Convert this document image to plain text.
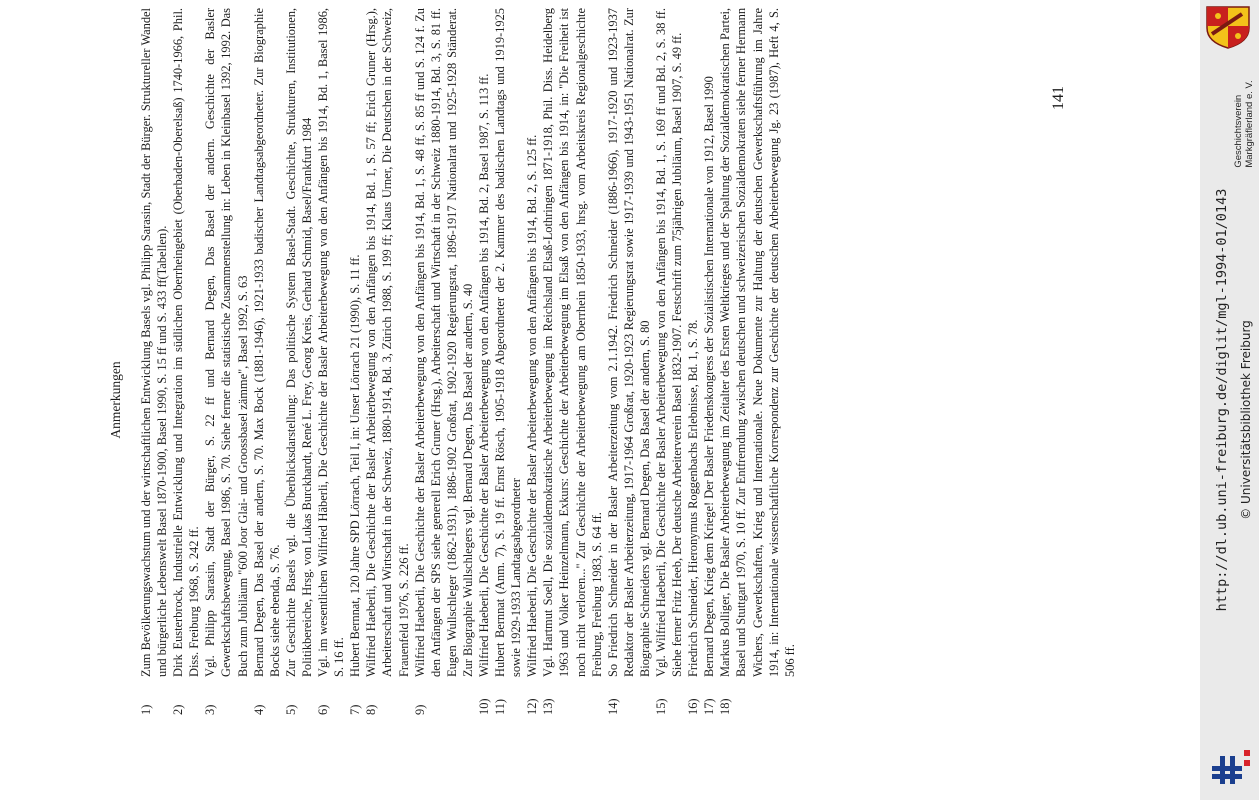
Anmerkungen
1)
Zum Bevölkerungswachstum und der wirtschaftlichen Entwicklung Basels vgl. Philipp Sarasin, Stadt der Bürger. Struktureller Wandel und bürgerliche Lebenswelt Basel 1870-1900, Basel 1990, S. 15 ff und S. 433 ff(Tabellen).
2)
Dirk Eusterbrock, Industrielle Entwicklung und Integration im südlichen Oberrheingebiet (Oberbaden-Oberelsaß) 1740-1966, Phil. Diss. Freiburg 1968, S. 242 ff.
3)
Vgl. Philipp Sarasin, Stadt der Bürger, S. 22 ff und Bernard Degen, Das Basel der andern. Geschichte der Basler Gewerkschaftsbewegung, Basel 1986, S. 70. Siehe ferner die statistische Zusammenstellung in: Leben in Kleinbasel 1392, 1992. Das Buch zum Jubiläum "600 Joor Glai- und Groossbasel zämme", Basel 1992, S. 63
4)
Bernard Degen, Das Basel der andern, S. 70. Max Bock (1881-1946), 1921-1933 badischer Landtagsabgeordneter. Zur Biographie Bocks siehe ebenda, S. 76.
5)
Zur Geschichte Basels vgl. die Überblicksdarstellung: Das politische System Basel-Stadt. Geschichte, Strukturen, Institutionen, Politikbereiche, Hrsg. von Lukas Burckhardt, René L. Frey, Georg Kreis, Gerhard Schmid, Basel/Frankfurt 1984
6)
Vgl. im wesentlichen Wilfried Häberli, Die Geschichte der Basler Arbeiterbewegung von den Anfängen bis 1914, Bd. 1, Basel 1986, S. 16 ff.
7)
Hubert Bernnat, 120 Jahre SPD Lörrach, Teil I, in: Unser Lörrach 21 (1990), S. 11 ff.
8)
Wilfried Haeberli, Die Geschichte der Basler Arbeiterbewegung von den Anfängen bis 1914, Bd. 1, S. 57 ff; Erich Gruner (Hrsg.), Arbeiterschaft und Wirtschaft in der Schweiz, 1880-1914, Bd. 3, Zürich 1988, S. 199 ff; Klaus Urner, Die Deutschen in der Schweiz, Frauenfeld 1976, S. 226 ff.
9)
Wilfried Haeberli, Die Geschichte der Basler Arbeiterbewegung von den Anfängen bis 1914, Bd. 1, S. 48 ff, S. 85 ff und S. 124 f. Zu den Anfängen der SPS siehe generell Erich Gruner (Hrsg.), Arbeiterschaft und Wirtschaft in der Schweiz 1880-1914, Bd. 3, S. 81 ff. Eugen Wullschleger (1862-1931), 1886-1902 Großrat, 1902-1920 Regierungsrat, 1896-1917 Nationalrat und 1925-1928 Ständerat. Zur Biographie Wullschlegers vgl. Bernard Degen, Das Basel der andern, S. 40
10)
Wilfried Haeberli, Die Geschichte der Basler Arbeiterbewegung von den Anfängen bis 1914, Bd. 2, Basel 1987, S. 113 ff.
11)
Hubert Bernnat (Anm. 7), S. 19 ff. Ernst Rösch, 1905-1918 Abgeordneter der 2. Kammer des badischen Landtags und 1919-1925 sowie 1929-1933 Landtagsabgeordneter
12)
Wilfried Haeberli, Die Geschichte der Basler Arbeiterbewegung von den Anfängen bis 1914, Bd. 2, S. 125 ff.
13)
Vgl. Hartmut Soell, Die sozialdemokratische Arbeiterbewegung im Reichsland Elsaß-Lothringen 1871-1918, Phil. Diss. Heidelberg 1963 und Volker Heinzelmann, Exkurs: Geschichte der Arbeiterbewegung im Elsaß von den Anfängen bis 1914, in: "Die Freiheit ist noch nicht verloren..." Zur Geschichte der Arbeiterbewegung am Oberrhein 1850-1933, hrsg. vom Arbeitskreis Regionalgeschichte Freiburg, Freiburg 1983, S. 64 ff.
14)
So Friedrich Schneider in der Basler Arbeiterzeitung vom 2.1.1942. Friedrich Schneider (1886-1966), 1917-1920 und 1923-1937 Redaktor der Basler Arbeiterzeitung, 1917-1964 Großrat, 1920-1923 Regierungsrat sowie 1917-1939 und 1943-1951 Nationalrat. Zur Biographie Schneiders vgl. Bernard Degen, Das Basel der andern, S. 80
15)
Vgl. Wilfried Haeberli, Die Geschichte der Basler Arbeiterbewegung von den Anfängen bis 1914, Bd. 1, S. 169 ff und Bd. 2, S. 38 ff. Siehe ferner Fritz Heeb, Der deutsche Arbeiterverein Basel 1832-1907. Festschrift zum 75jährigen Jubiläum, Basel 1907, S. 49 ff.
16)
Friedrich Schneider, Hieronymus Roggenbachs Erlebnisse, Bd. 1, S. 78.
17)
Bernard Degen, Krieg dem Kriege! Der Basler Friedenskongress der Sozialistischen Internationale von 1912, Basel 1990
18)
Markus Bolliger, Die Basler Arbeiterbewegung im Zeitalter des Ersten Weltkrieges und der Spaltung der Sozialdemokratischen Partei, Basel und Stuttgart 1970, S. 10 ff. Zur Entfremdung zwischen deutschen und schweizerischen Sozialdemokraten siehe ferner Hermann Wichers, Gewerkschaften, Krieg und Internationale. Neue Dokumente zur Haltung der deutschen Gewerkschaftsführung im Jahre 1914, in: Internationale wissenschaftliche Korrespondenz zur Geschichte der deutschen Arbeiterbewegung Jg. 23 (1987), Heft 4, S. 506 ff.
141	Geschichtsverein Markgräflerland e. V.
http://dl.ub.uni-freiburg.de/diglit/mgl-1994-01/0143 © Universitätsbibliothek Freiburg
